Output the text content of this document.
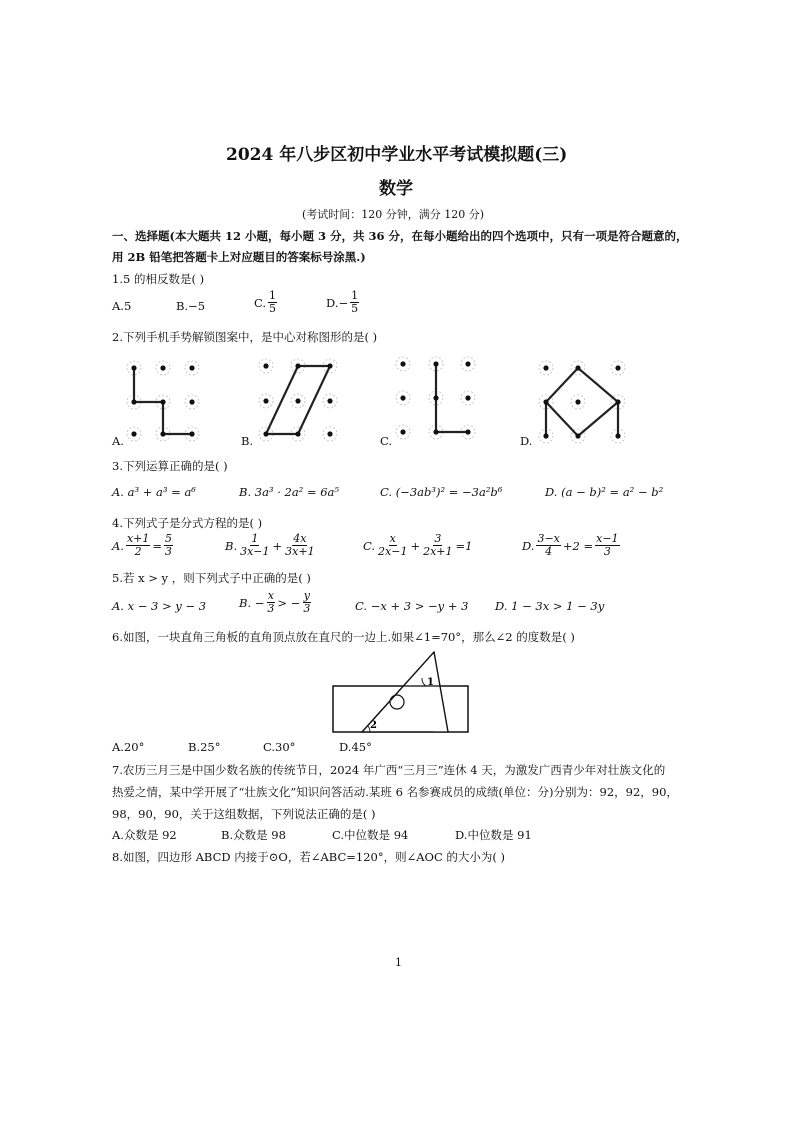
2024 年八步区初中学业水平考试模拟题(三)
数学
(考试时间：120 分钟，满分 120 分)
一、选择题(本大题共 12 小题，每小题 3 分，共 36 分，在每小题给出的四个选项中，只有一项是符合题意的，
用 2B 铅笔把答题卡上对应题目的答案标号涂黑.)
1.5 的相反数是( )
A.5	B.−5	C. $\frac{1}{5}$	$D.- \frac{1}{5}$
2.下列手机手势解锁图案中，是中心对称图形的是( )
A.	B.	C.	D.
3.下列运算正确的是( )
A. a³ + a³ = a⁶	B. 3a³ · 2a² = 6a⁵	C. (−3ab³)² = −3a²b⁶	D. (a − b)² = a² − b²
4.下列式子是分式方程的是( )
A. $\frac{x+1}{2} = \frac{5}{3}$	B. $\frac{1}{3x-1} + \frac{4x}{3x+1}$	C. $\frac{x}{2x-1} + \frac{3}{2x+1} =1$	D. $\frac{3-x}{4} +2 = \frac{x-1}{3}$
5.若 x > y ，则下列式子中正确的是( )
A. x − 3 > y − 3	B. − $\frac{x}{3}$ > − $\frac{y}{3}$	C. −x + 3 > −y + 3 D. 1 − 3x > 1 − 3y
6.如图，一块直角三角板的直角顶点放在直尺的一边上.如果∠1=70°，那么∠2 的度数是( )
1
2
A.20°	B.25°	C.30°	D.45°
7.农历三月三是中国少数名族的传统节日，2024 年广西“三月三”连休 4 天，为激发广西青少年对壮族文化的
热爱之情，某中学开展了“壮族文化”知识问答活动.某班 6 名参赛成员的成绩(单位：分)分别为：92，92，90，
98，90，90，关于这组数据，下列说法正确的是( )
A.众数是 92	B.众数是 98	C.中位数是 94	D.中位数是 91
8.如图，四边形 ABCD 内接于⊙O，若∠ABC=120°，则∠AOC 的大小为( )
1
